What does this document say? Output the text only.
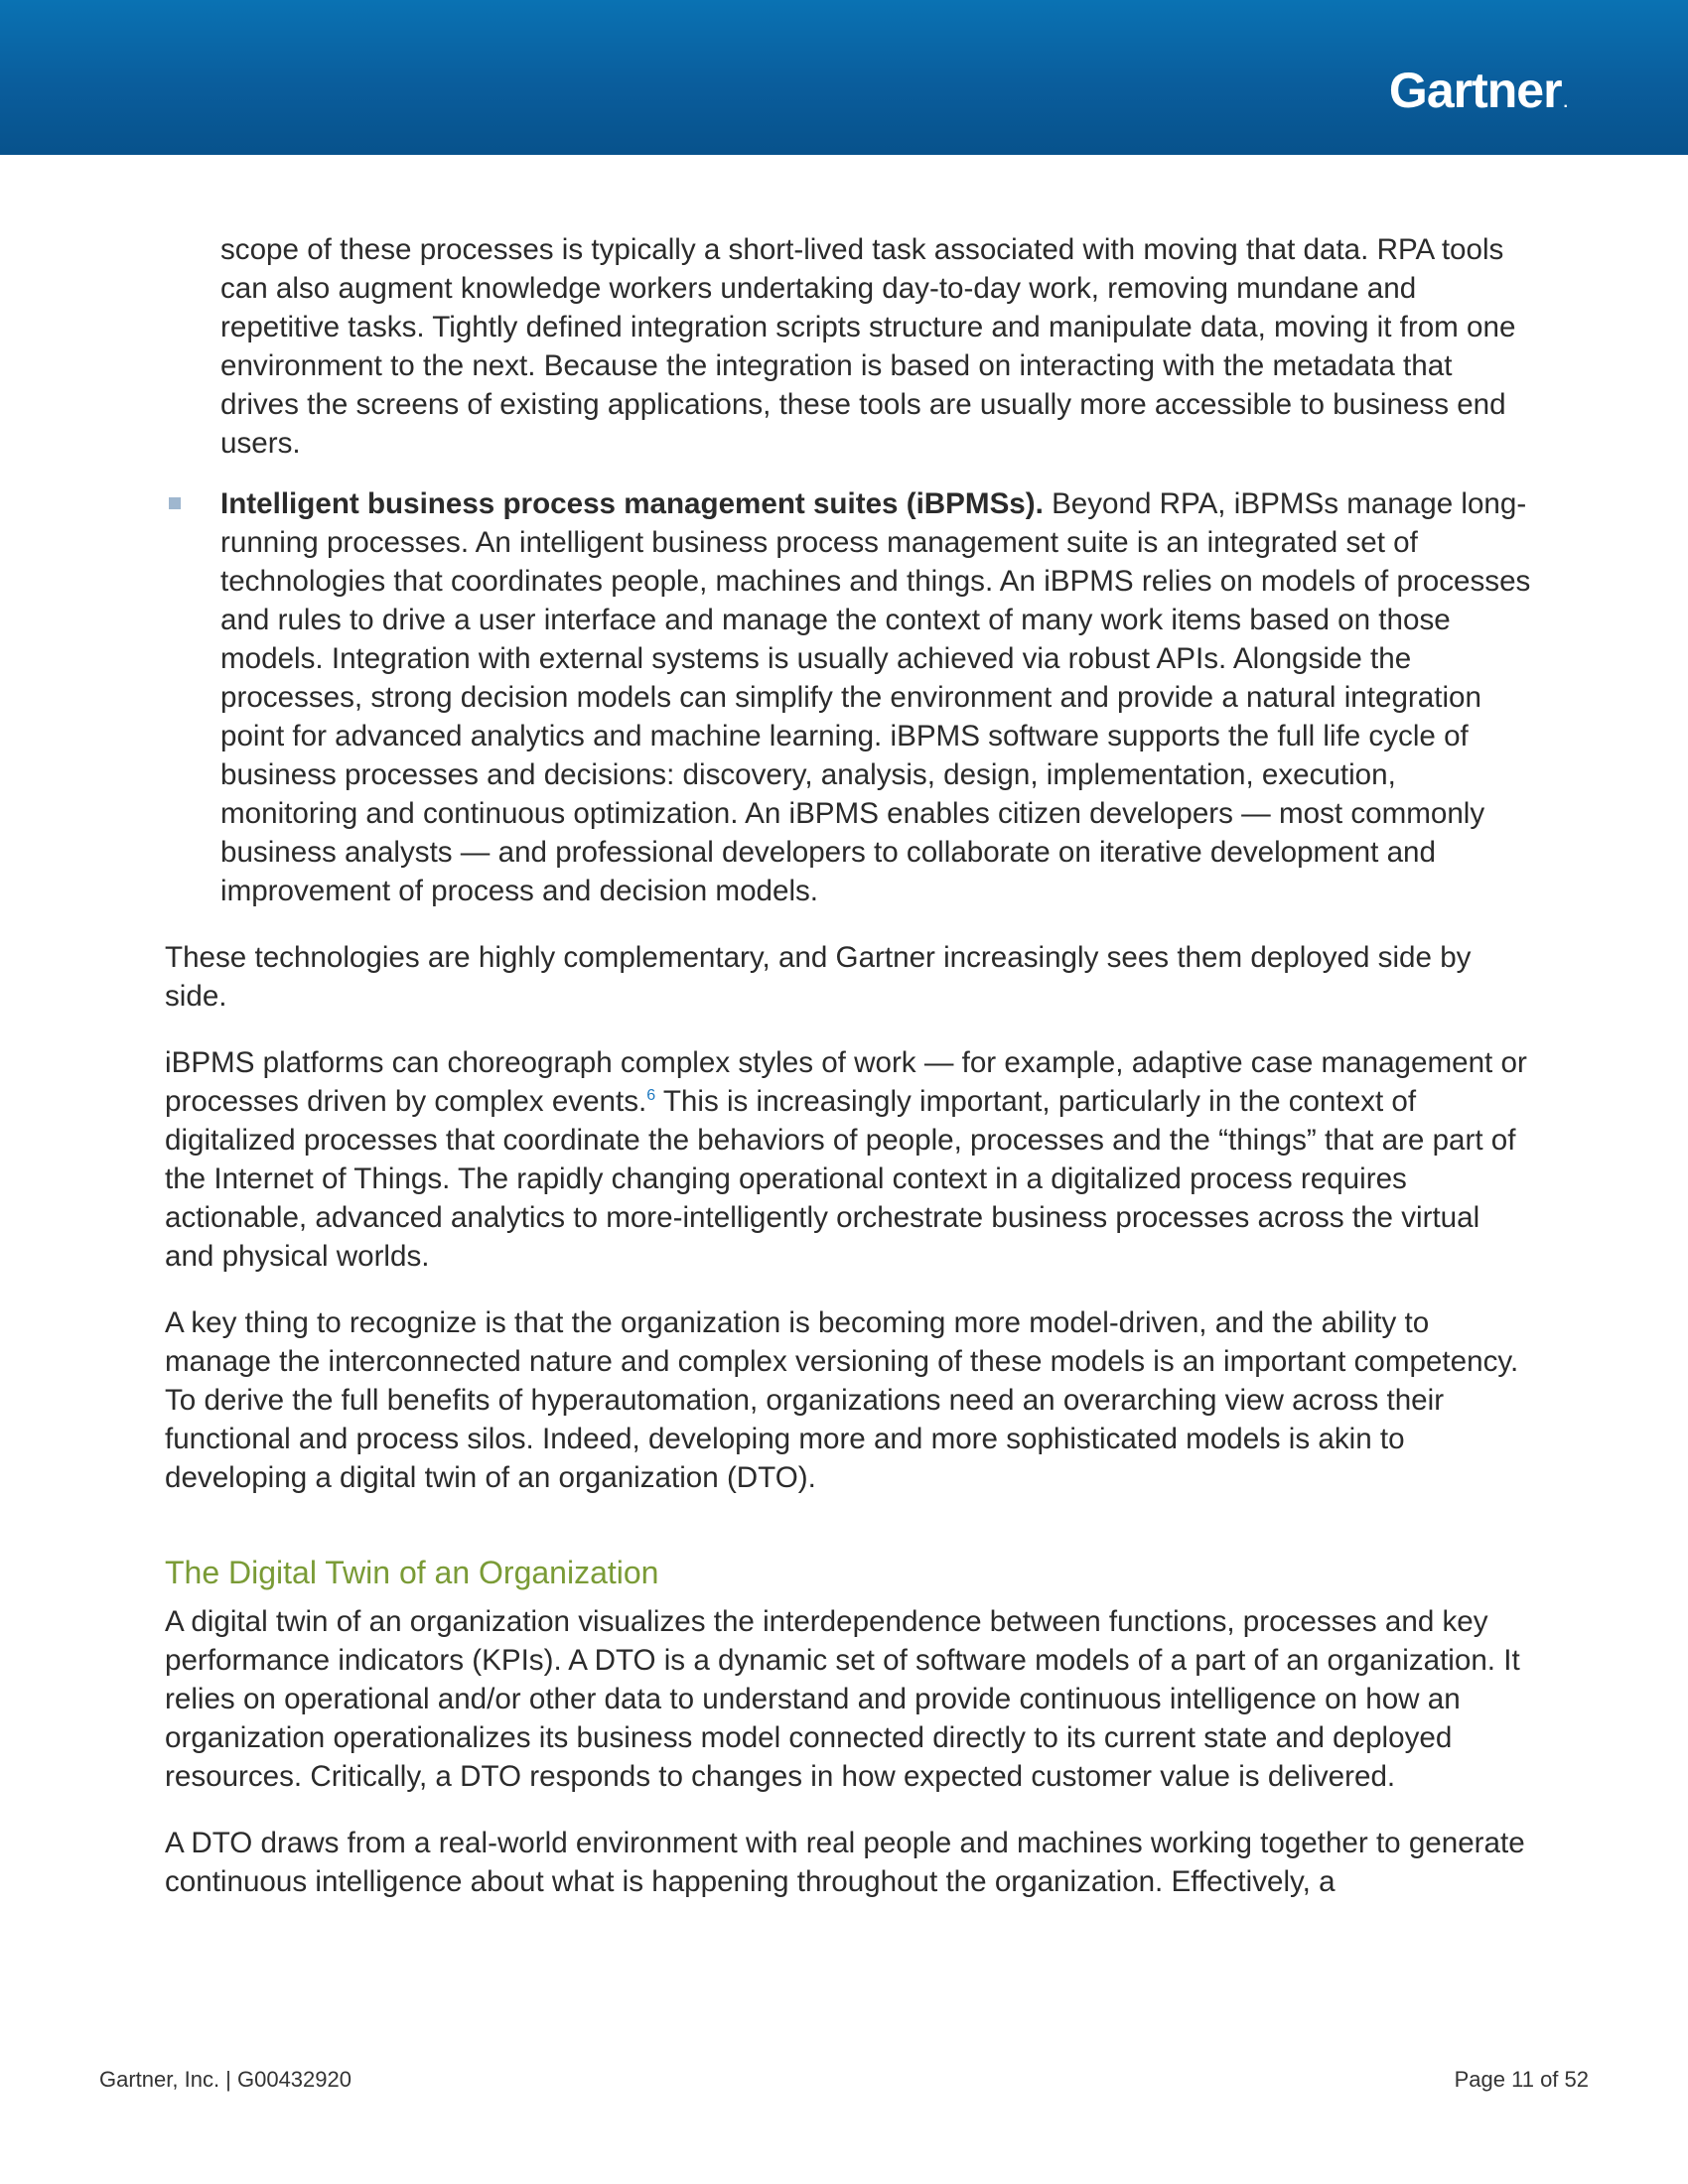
Gartner .

scope of these processes is typically a short-lived task associated with moving that data. RPA tools can also augment knowledge workers undertaking day-to-day work, removing mundane and repetitive tasks. Tightly defined integration scripts structure and manipulate data, moving it from one environment to the next. Because the integration is based on interacting with the metadata that drives the screens of existing applications, these tools are usually more accessible to business end users.

Intelligent business process management suites (iBPMSs). Beyond RPA, iBPMSs manage long-running processes. An intelligent business process management suite is an integrated set of technologies that coordinates people, machines and things. An iBPMS relies on models of processes and rules to drive a user interface and manage the context of many work items based on those models. Integration with external systems is usually achieved via robust APIs. Alongside the processes, strong decision models can simplify the environment and provide a natural integration point for advanced analytics and machine learning. iBPMS software supports the full life cycle of business processes and decisions: discovery, analysis, design, implementation, execution, monitoring and continuous optimization. An iBPMS enables citizen developers — most commonly business analysts — and professional developers to collaborate on iterative development and improvement of process and decision models.

These technologies are highly complementary, and Gartner increasingly sees them deployed side by side.

iBPMS platforms can choreograph complex styles of work — for example, adaptive case management or processes driven by complex events.$^6$ This is increasingly important, particularly in the context of digitalized processes that coordinate the behaviors of people, processes and the “things” that are part of the Internet of Things. The rapidly changing operational context in a digitalized process requires actionable, advanced analytics to more-intelligently orchestrate business processes across the virtual and physical worlds.

A key thing to recognize is that the organization is becoming more model-driven, and the ability to manage the interconnected nature and complex versioning of these models is an important competency. To derive the full benefits of hyperautomation, organizations need an overarching view across their functional and process silos. Indeed, developing more and more sophisticated models is akin to developing a digital twin of an organization (DTO).

The Digital Twin of an Organization

A digital twin of an organization visualizes the interdependence between functions, processes and key performance indicators (KPIs). A DTO is a dynamic set of software models of a part of an organization. It relies on operational and/or other data to understand and provide continuous intelligence on how an organization operationalizes its business model connected directly to its current state and deployed resources. Critically, a DTO responds to changes in how expected customer value is delivered.

A DTO draws from a real-world environment with real people and machines working together to generate continuous intelligence about what is happening throughout the organization. Effectively, a

Gartner, Inc. | G00432920	Page 11 of 52
